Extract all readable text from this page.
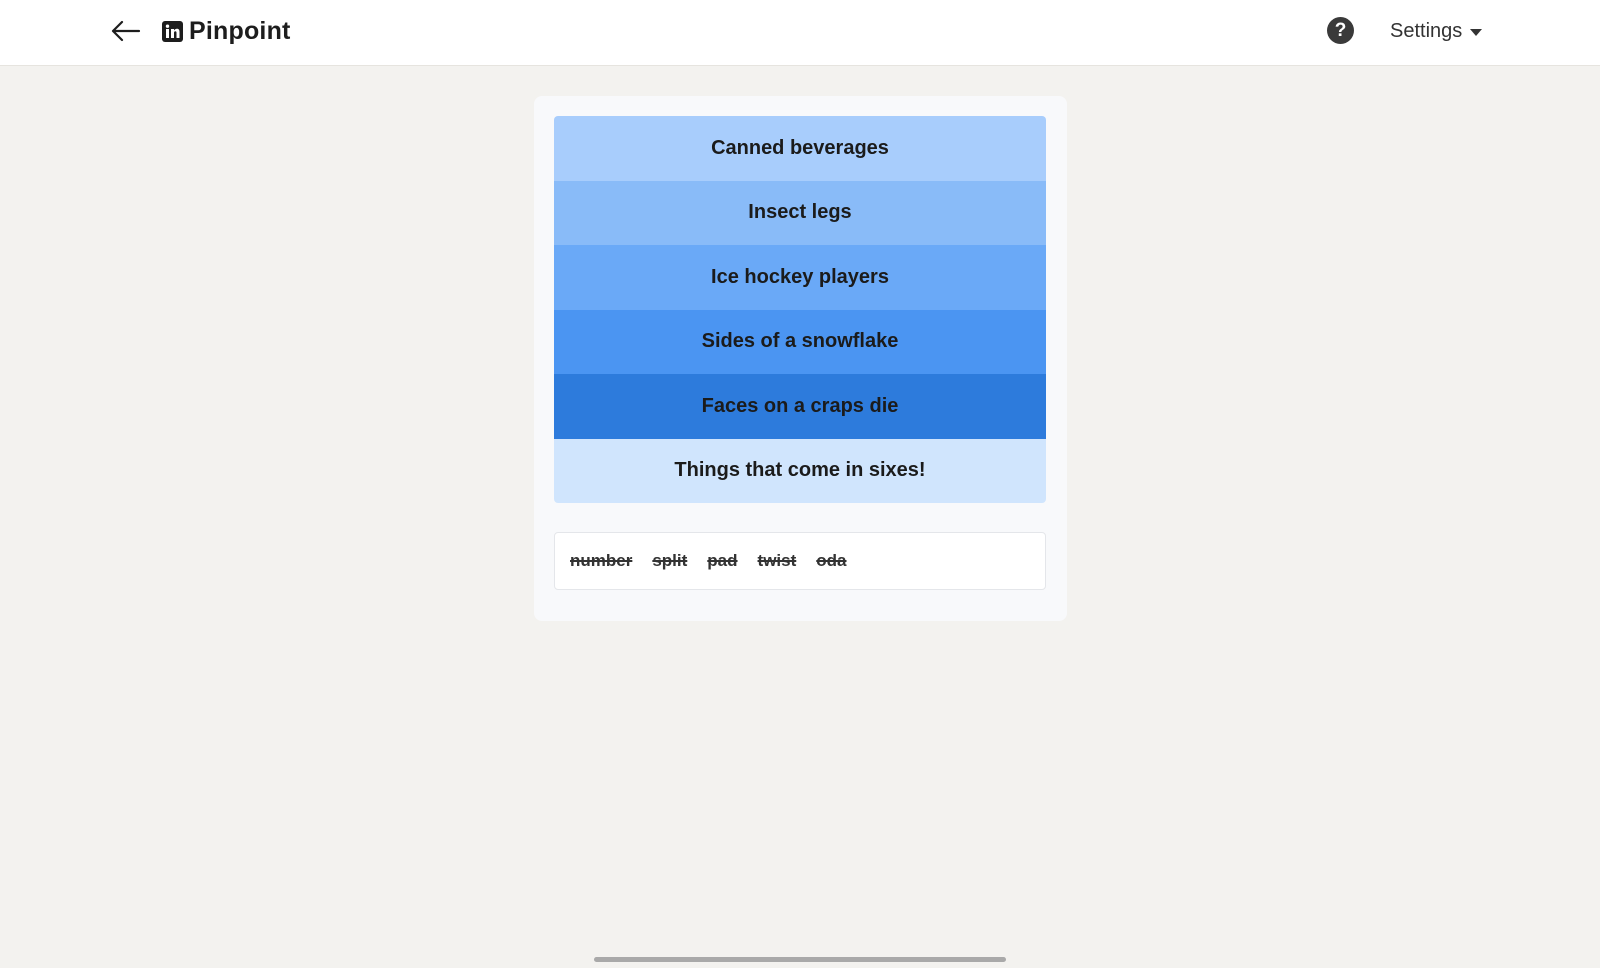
Pinpoint	? Settings
Canned beverages
Insect legs
Ice hockey players
Sides of a snowflake
Faces on a craps die
Things that come in sixes!
number split pad twist oda
